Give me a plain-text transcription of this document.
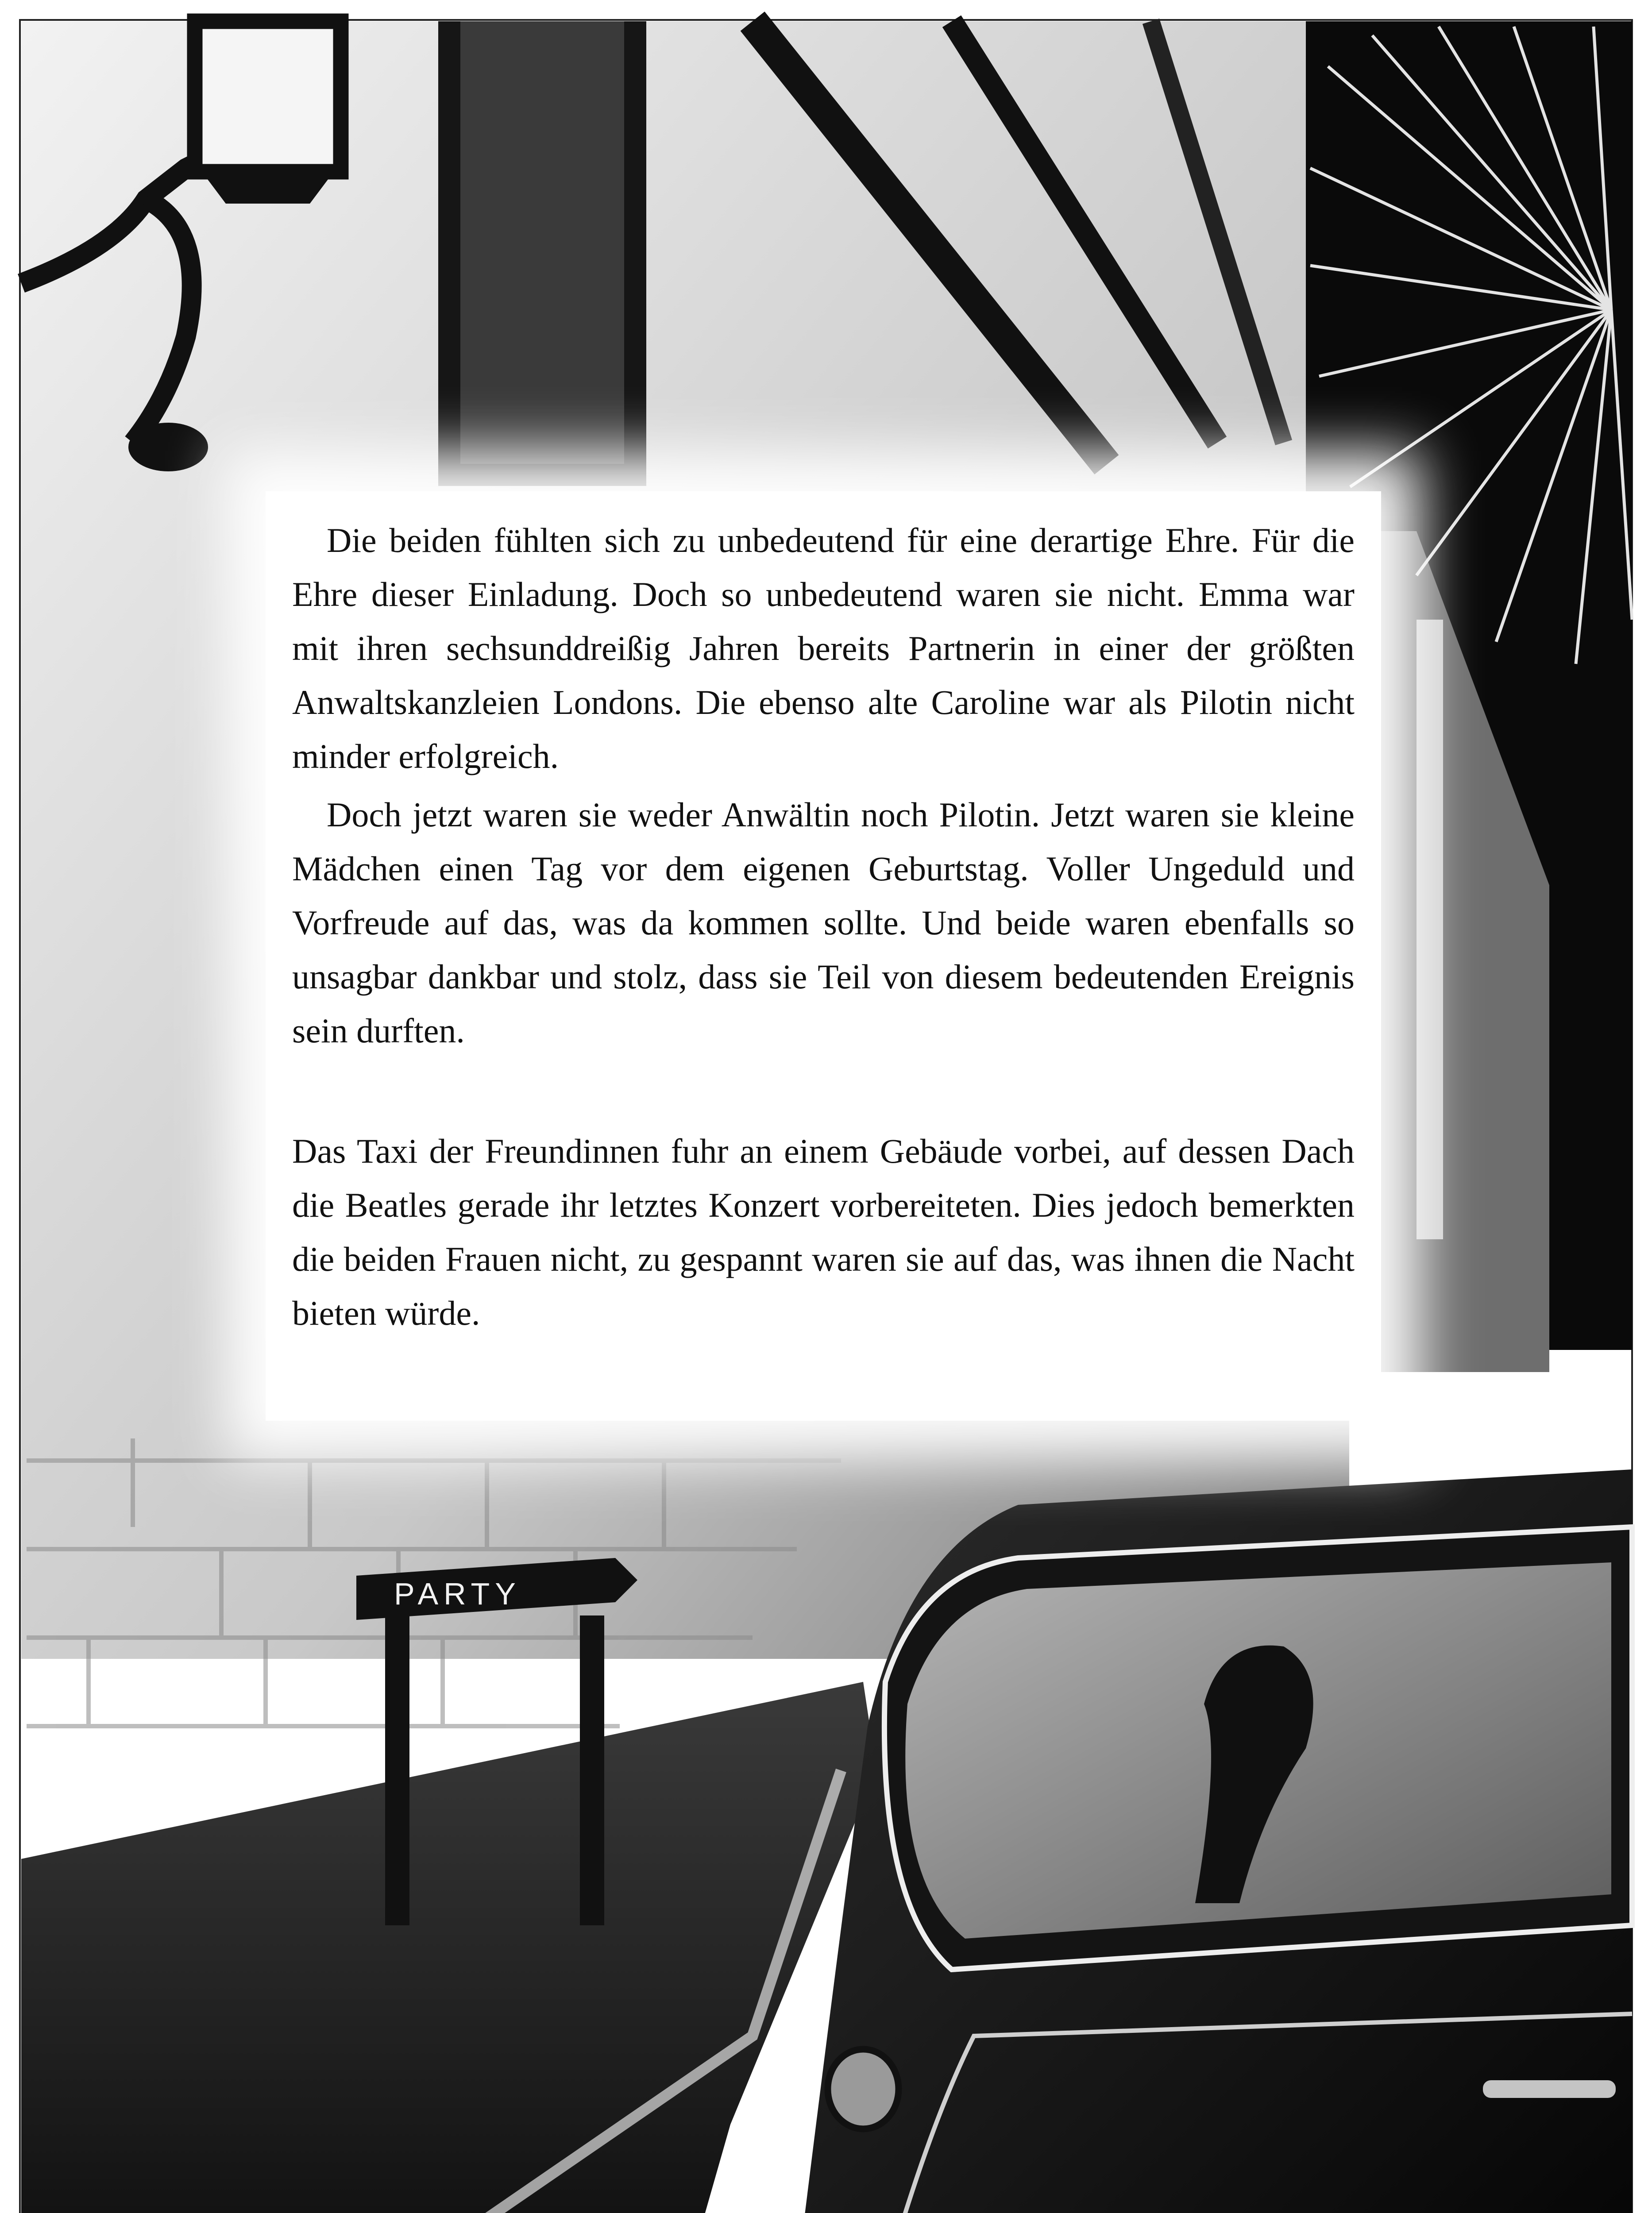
PARTY

Die beiden fühlten sich zu unbedeutend für eine derartige Ehre. Für die Ehre dieser Einladung. Doch so unbedeutend waren sie nicht. Emma war mit ihren sechsunddreißig Jahren bereits Partnerin in einer der größten Anwaltskanzleien Londons. Die ebenso alte Caroline war als Pilotin nicht minder erfolgreich.

Doch jetzt waren sie weder Anwältin noch Pilotin. Jetzt waren sie kleine Mädchen einen Tag vor dem eigenen Geburtstag. Voller Ungeduld und Vorfreude auf das, was da kommen sollte. Und beide waren ebenfalls so unsagbar dankbar und stolz, dass sie Teil von diesem bedeutenden Ereignis sein durften.

Das Taxi der Freundinnen fuhr an einem Gebäude vorbei, auf dessen Dach die Beatles gerade ihr letztes Konzert vorbereiteten. Dies jedoch bemerkten die beiden Frauen nicht, zu gespannt waren sie auf das, was ihnen die Nacht bieten würde.
